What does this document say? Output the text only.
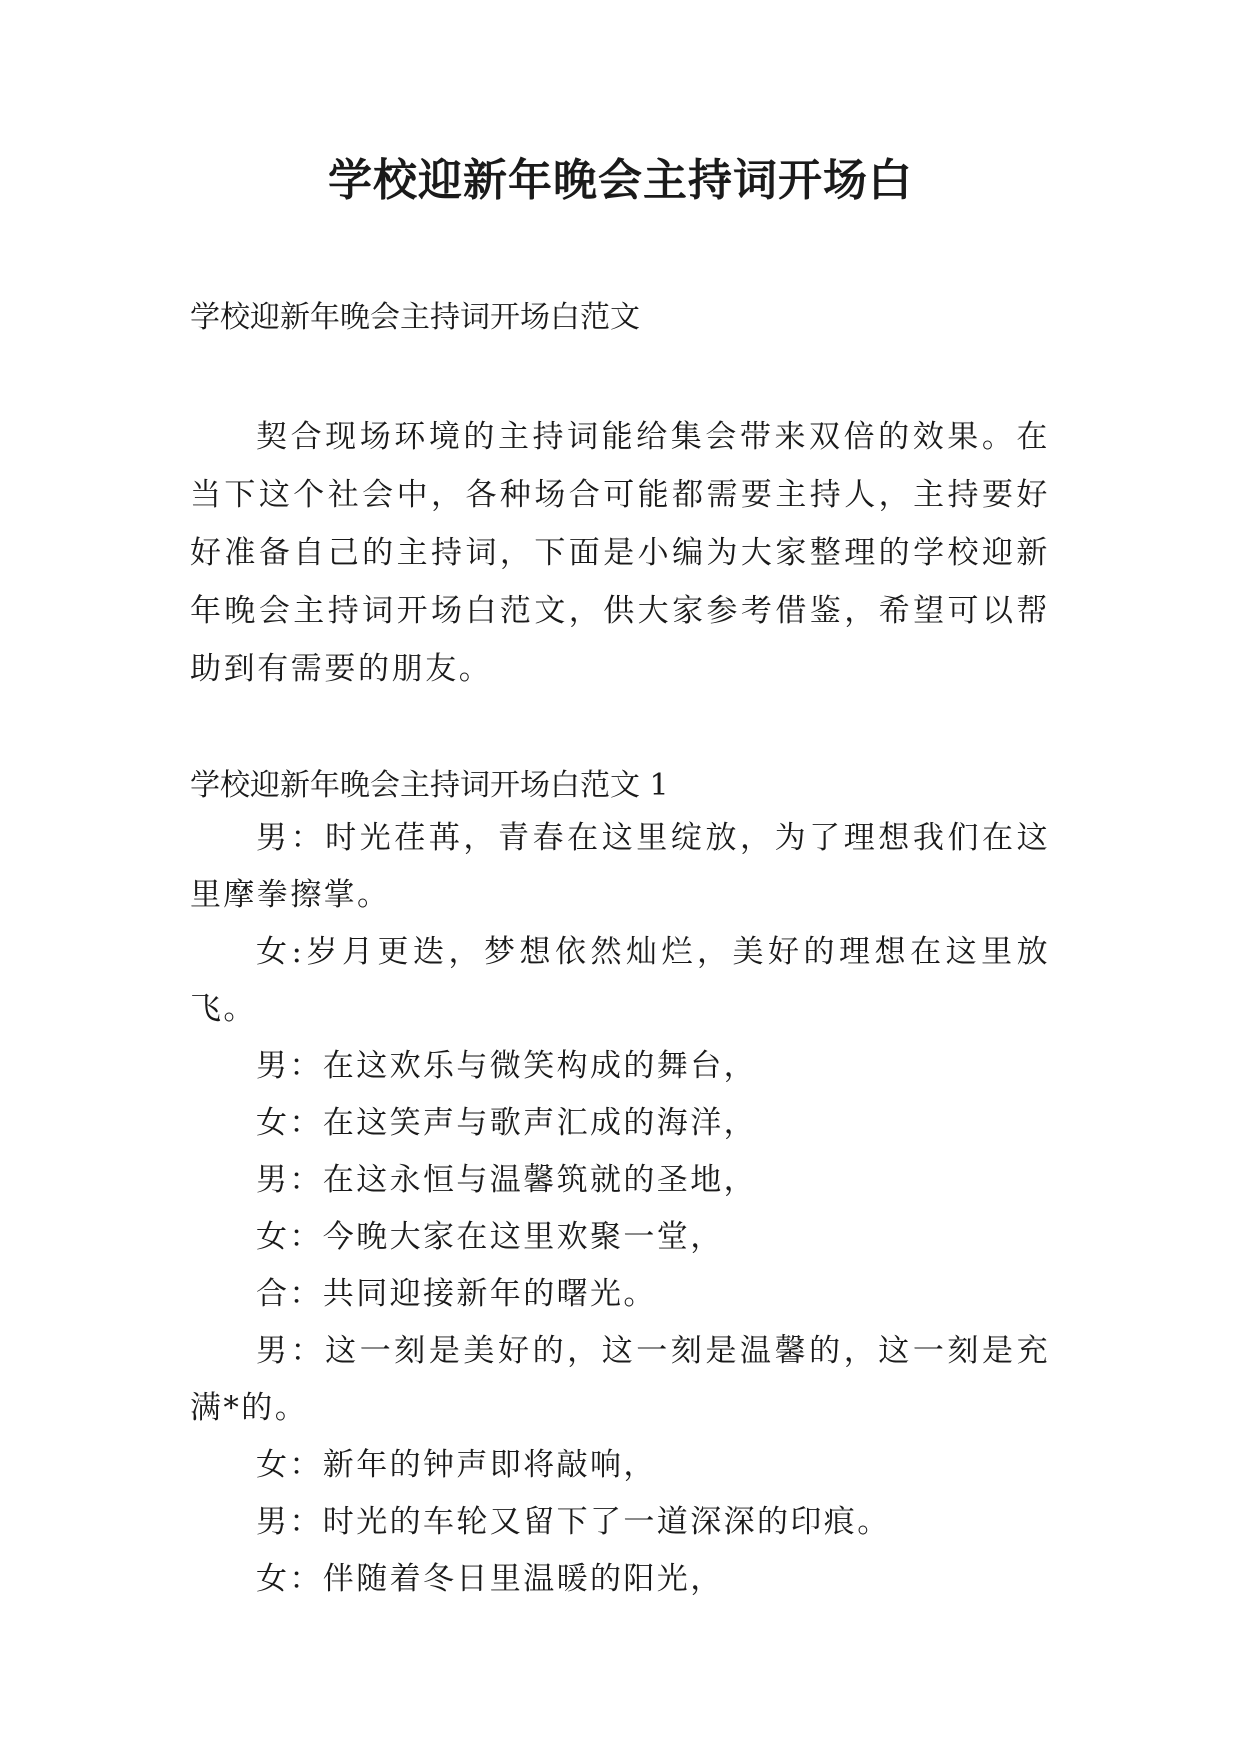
学校迎新年晚会主持词开场白

学校迎新年晚会主持词开场白范文

契合现场环境的主持词能给集会带来双倍的效果。在当下这个社会中，各种场合可能都需要主持人，主持要好好准备自己的主持词，下面是小编为大家整理的学校迎新年晚会主持词开场白范文，供大家参考借鉴，希望可以帮助到有需要的朋友。

学校迎新年晚会主持词开场白范文 1

男：时光荏苒，青春在这里绽放，为了理想我们在这里摩拳擦掌。
女:岁月更迭，梦想依然灿烂，美好的理想在这里放飞。
男：在这欢乐与微笑构成的舞台，
女：在这笑声与歌声汇成的海洋，
男：在这永恒与温馨筑就的圣地，
女：今晚大家在这里欢聚一堂，
合：共同迎接新年的曙光。
男：这一刻是美好的，这一刻是温馨的，这一刻是充满*的。
女：新年的钟声即将敲响，
男：时光的车轮又留下了一道深深的印痕。
女：伴随着冬日里温暖的阳光，
